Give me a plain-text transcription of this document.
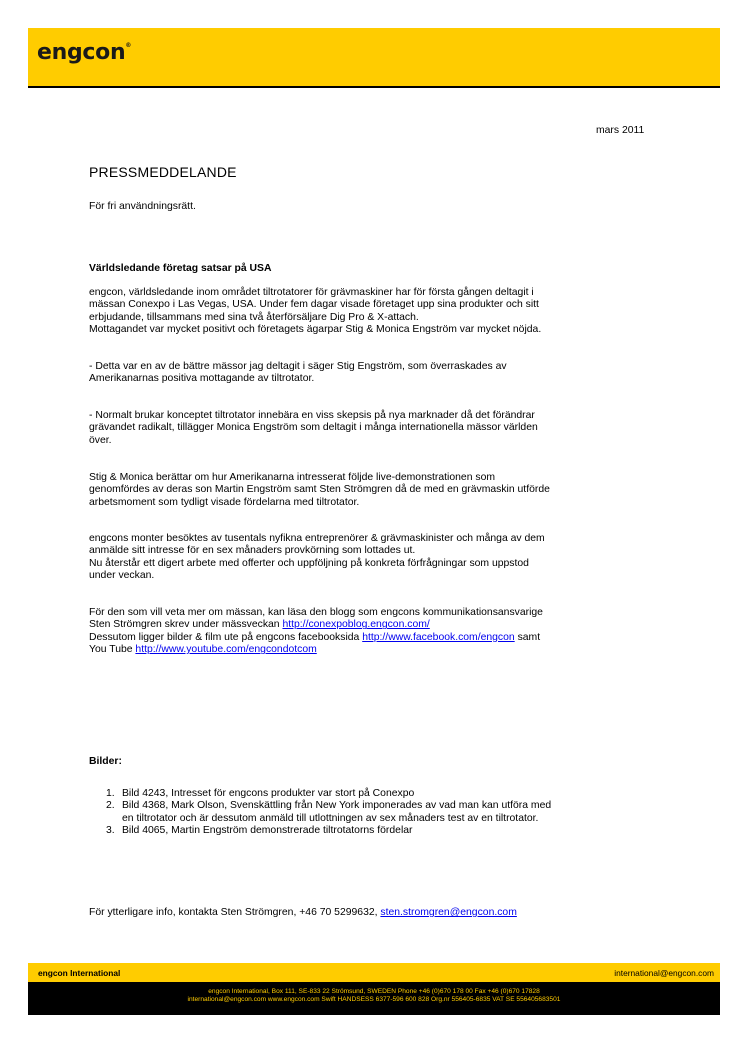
engcon®
mars 2011
PRESSMEDDELANDE
För fri användningsrätt.
Världsledande företag satsar på USA
engcon, världsledande inom området tiltrotatorer för grävmaskiner har för första gången deltagit i
mässan Conexpo i Las Vegas, USA. Under fem dagar visade företaget upp sina produkter och sitt
erbjudande, tillsammans med sina två återförsäljare Dig Pro & X-attach.
Mottagandet var mycket positivt och företagets ägarpar Stig & Monica Engström var mycket nöjda.
- Detta var en av de bättre mässor jag deltagit i säger Stig Engström, som överraskades av
Amerikanarnas positiva mottagande av tiltrotator.
- Normalt brukar konceptet tiltrotator innebära en viss skepsis på nya marknader då det förändrar
grävandet radikalt, tillägger Monica Engström som deltagit i många internationella mässor världen
över.
Stig & Monica berättar om hur Amerikanarna intresserat följde live-demonstrationen som
genomfördes av deras son Martin Engström samt Sten Strömgren då de med en grävmaskin utförde
arbetsmoment som tydligt visade fördelarna med tiltrotator.
engcons monter besöktes av tusentals nyfikna entreprenörer & grävmaskinister och många av dem
anmälde sitt intresse för en sex månaders provkörning som lottades ut.
Nu återstår ett digert arbete med offerter och uppföljning på konkreta förfrågningar som uppstod
under veckan.
För den som vill veta mer om mässan, kan läsa den blogg som engcons kommunikationsansvarige
Sten Strömgren skrev under mässveckan http://conexpoblog.engcon.com/
Dessutom ligger bilder & film ute på engcons facebooksida http://www.facebook.com/engcon samt
You Tube http://www.youtube.com/engcondotcom
Bilder:
1. Bild 4243, Intresset för engcons produkter var stort på Conexpo
2. Bild 4368, Mark Olson, Svenskättling från New York imponerades av vad man kan utföra med
en tiltrotator och är dessutom anmäld till utlottningen av sex månaders test av en tiltrotator.
3. Bild 4065, Martin Engström demonstrerade tiltrotatorns fördelar
För ytterligare info, kontakta Sten Strömgren, +46 70 5299632, sten.stromgren@engcon.com
engcon International	international@engcon.com
engcon International, Box 111, SE-833 22 Strömsund, SWEDEN Phone +46 (0)670 178 00 Fax +46 (0)670 17828
international@engcon.com www.engcon.com Swift HANDSESS 6377-596 600 828 Org.nr 556405-6835 VAT SE 556405683501
